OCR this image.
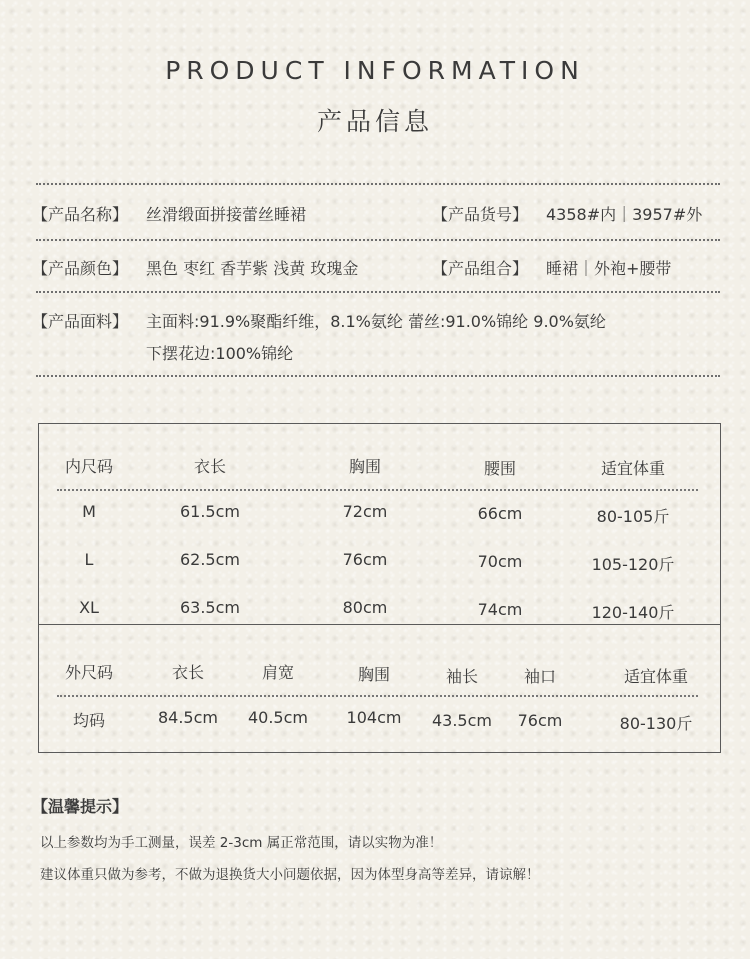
PRODUCT INFORMATION
产品信息
【产品名称】 丝滑缎面拼接蕾丝睡裙	【产品货号】 4358#内｜3957#外
【产品颜色】 黑色 枣红 香芋紫 浅黄 玫瑰金	【产品组合】 睡裙｜外袍+腰带
【产品面料】 主面料:91.9%聚酯纤维，8.1%氨纶 蕾丝:91.0%锦纶 9.0%氨纶
下摆花边:100%锦纶
内尺码	衣长	胸围	腰围	适宜体重
M	61.5cm	72cm	66cm	80-105斤
L	62.5cm	76cm	70cm	105-120斤
XL	63.5cm	80cm	74cm	120-140斤
外尺码	衣长	肩宽	胸围	袖长	袖口	适宜体重
均码	84.5cm	40.5cm	104cm	43.5cm	76cm	80-130斤
【温馨提示】
以上参数均为手工测量，误差 2-3cm 属正常范围，请以实物为准！
建议体重只做为参考，不做为退换货大小问题依据，因为体型身高等差异，请谅解！
